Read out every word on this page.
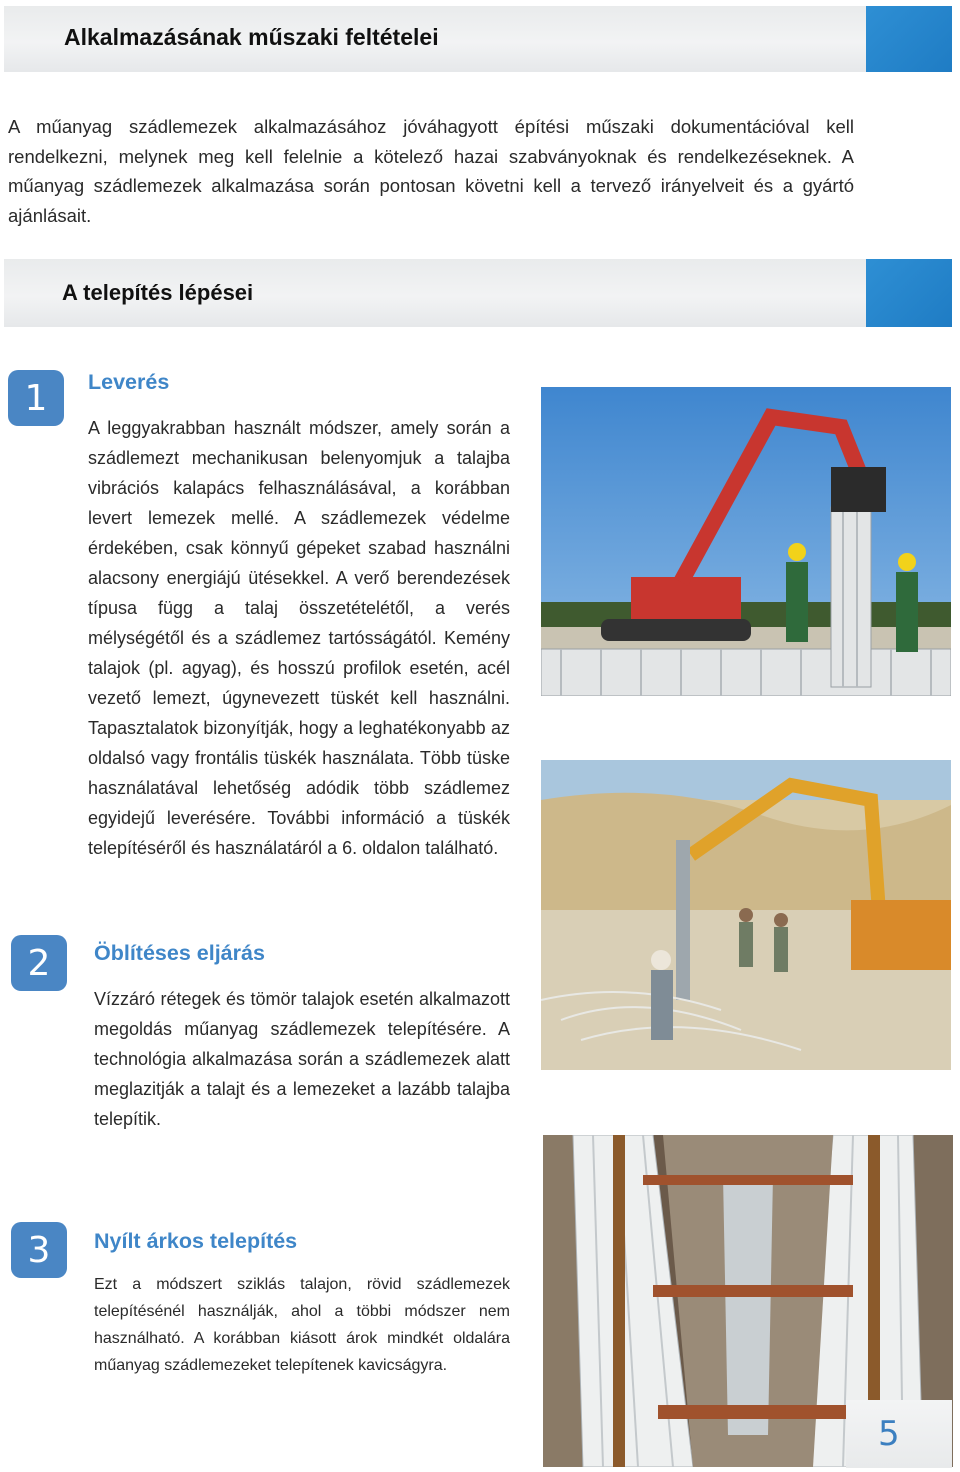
Alkalmazásának műszaki feltételei
A műanyag szádlemezek alkalmazásához jóváhagyott építési műszaki dokumentációval kell rendelkezni, melynek meg kell felelnie a kötelező hazai szabványoknak és rendelkezéseknek. A műanyag szádlemezek alkalmazása során pontosan követni kell a tervező irányelveit és a gyártó ajánlásait.
A telepítés lépései
1	Leverés
A leggyakrabban használt módszer, amely során a szádlemezt mechanikusan belenyomjuk a talajba vibrációs kalapács felhasználásával, a korábban levert lemezek mellé. A szádlemezek védelme érdekében, csak könnyű gépeket szabad használni alacsony energiájú ütésekkel. A verő berendezések típusa függ a talaj összetételétől, a verés mélységétől és a szádlemez tartósságától. Kemény talajok (pl. agyag), és hosszú profilok esetén, acél vezető lemezt, úgynevezett tüskét kell használni. Tapasztalatok bizonyítják, hogy a leghatékonyabb az oldalsó vagy frontális tüskék használata. Több tüske használatával lehetőség adódik több szádlemez egyidejű leverésére. További információ a tüskék telepítéséről és használatáról a 6. oldalon található.
2	Öblítéses eljárás
Vízzáró rétegek és tömör talajok esetén alkalmazott megoldás műanyag szádlemezek telepítésére. A technológia alkalmazása során a szádlemezek alatt meglazitják a talajt és a lemezeket a lazább talajba telepítik.
3	Nyílt árkos telepítés
Ezt a módszert sziklás talajon, rövid szádlemezek telepítésénél használják, ahol a többi módszer nem használható. A korábban kiásott árok mindkét oldalára műanyag szádlemezeket telepítenek kavicságyra.
5
